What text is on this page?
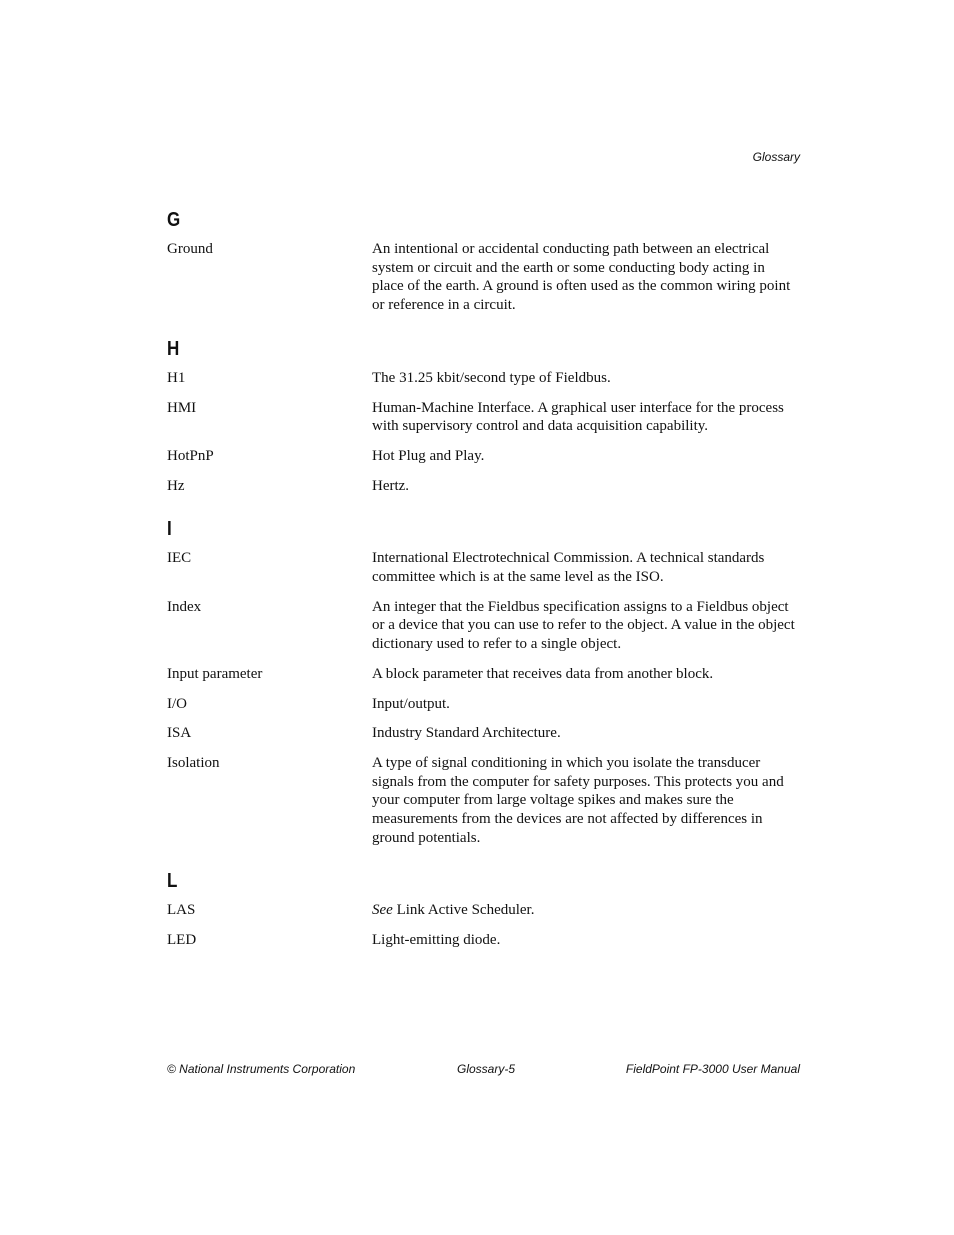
Glossary
G
Ground	An intentional or accidental conducting path between an electrical system or circuit and the earth or some conducting body acting in place of the earth. A ground is often used as the common wiring point or reference in a circuit.
H
H1	The 31.25 kbit/second type of Fieldbus.
HMI	Human-Machine Interface. A graphical user interface for the process with supervisory control and data acquisition capability.
HotPnP	Hot Plug and Play.
Hz	Hertz.
I
IEC	International Electrotechnical Commission. A technical standards committee which is at the same level as the ISO.
Index	An integer that the Fieldbus specification assigns to a Fieldbus object or a device that you can use to refer to the object. A value in the object dictionary used to refer to a single object.
Input parameter	A block parameter that receives data from another block.
I/O	Input/output.
ISA	Industry Standard Architecture.
Isolation	A type of signal conditioning in which you isolate the transducer signals from the computer for safety purposes. This protects you and your computer from large voltage spikes and makes sure the measurements from the devices are not affected by differences in ground potentials.
L
LAS	See Link Active Scheduler.
LED	Light-emitting diode.
© National Instruments Corporation	Glossary-5	FieldPoint FP-3000 User Manual
